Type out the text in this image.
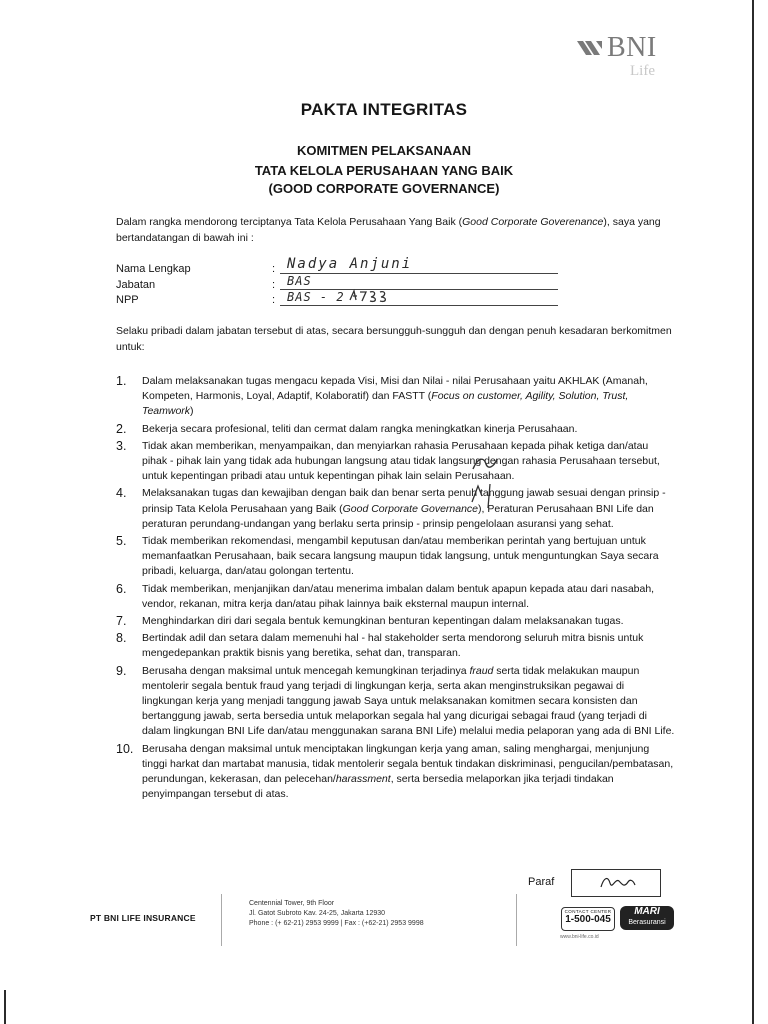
BNI
Life
PAKTA INTEGRITAS
KOMITMEN PELAKSANAAN
TATA KELOLA PERUSAHAAN YANG BAIK
(GOOD CORPORATE GOVERNANCE)
Dalam rangka mendorong terciptanya Tata Kelola Perusahaan Yang Baik (Good Corporate Goverenance), saya yang bertandatangan di bawah ini :
Nama Lengkap	: Nadya Anjuni
Jabatan	: BAS
NPP	: BAS - 2
Selaku pribadi dalam jabatan tersebut di atas, secara bersungguh-sungguh dan dengan penuh kesadaran berkomitmen untuk:
1. Dalam melaksanakan tugas mengacu kepada Visi, Misi dan Nilai - nilai Perusahaan yaitu AKHLAK (Amanah, Kompeten, Harmonis, Loyal, Adaptif, Kolaboratif) dan FASTT (Focus on customer, Agility, Solution, Trust, Teamwork)
2. Bekerja secara profesional, teliti dan cermat dalam rangka meningkatkan kinerja Perusahaan.
3. Tidak akan memberikan, menyampaikan, dan menyiarkan rahasia Perusahaan kepada pihak ketiga dan/atau pihak - pihak lain yang tidak ada hubungan langsung atau tidak langsung dengan rahasia Perusahaan tersebut, untuk kepentingan pribadi atau untuk kepentingan pihak lain selain Perusahaan.
4. Melaksanakan tugas dan kewajiban dengan baik dan benar serta penuh tanggung jawab sesuai dengan prinsip - prinsip Tata Kelola Perusahaan yang Baik (Good Corporate Governance), Peraturan Perusahaan BNI Life dan peraturan perundang-undangan yang berlaku serta prinsip - prinsip pengelolaan asuransi yang sehat.
5. Tidak memberikan rekomendasi, mengambil keputusan dan/atau memberikan perintah yang bertujuan untuk memanfaatkan Perusahaan, baik secara langsung maupun tidak langsung, untuk menguntungkan Saya secara pribadi, keluarga, dan/atau golongan tertentu.
6. Tidak memberikan, menjanjikan dan/atau menerima imbalan dalam bentuk apapun kepada atau dari nasabah, vendor, rekanan, mitra kerja dan/atau pihak lainnya baik eksternal maupun internal.
7. Menghindarkan diri dari segala bentuk kemungkinan benturan kepentingan dalam melaksanakan tugas.
8. Bertindak adil dan setara dalam memenuhi hal - hal stakeholder serta mendorong seluruh mitra bisnis untuk mengedepankan praktik bisnis yang beretika, sehat dan, transparan.
9. Berusaha dengan maksimal untuk mencegah kemungkinan terjadinya fraud serta tidak melakukan maupun mentolerir segala bentuk fraud yang terjadi di lingkungan kerja, serta akan menginstruksikan pegawai di lingkungan kerja yang menjadi tanggung jawab Saya untuk melaksanakan komitmen secara konsisten dan bertanggung jawab, serta bersedia untuk melaporkan segala hal yang dicurigai sebagai fraud (yang terjadi di dalam lingkungan BNI Life dan/atau menggunakan sarana BNI Life) melalui media pelaporan yang ada di BNI Life.
10. Berusaha dengan maksimal untuk menciptakan lingkungan kerja yang aman, saling menghargai, menjunjung tinggi harkat dan martabat manusia, tidak mentolerir segala bentuk tindakan diskriminasi, pengucilan/pembatasan, perundungan, kekerasan, dan pelecehan/harassment, serta bersedia melaporkan jika terjadi tindakan penyimpangan tersebut di atas.
Paraf
PT BNI LIFE INSURANCE
Centennial Tower, 9th Floor
Jl. Gatot Subroto Kav. 24-25, Jakarta 12930
Phone : (+ 62-21) 2953 9999 | Fax : (+62-21) 2953 9998
CONTACT CENTER
1-500-045
www.bni-life.co.id
MARI
Berasuransi
